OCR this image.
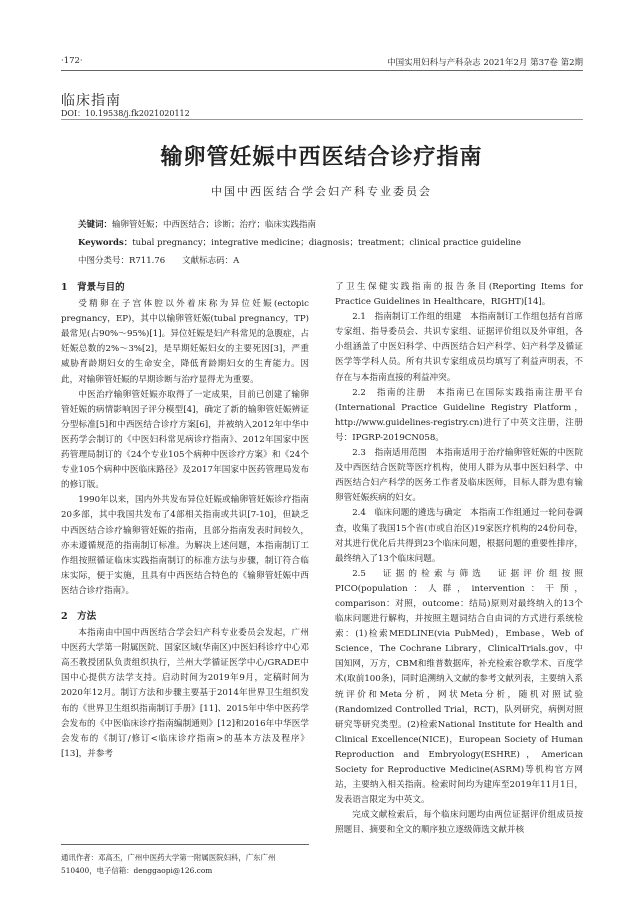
·172·	中国实用妇科与产科杂志 2021年2月 第37卷 第2期
临床指南
DOI：10.19538/j.fk2021020112
输卵管妊娠中西医结合诊疗指南
中国中西医结合学会妇产科专业委员会
关键词：输卵管妊娠；中西医结合；诊断；治疗；临床实践指南
Keywords：tubal pregnancy；integrative medicine；diagnosis；treatment；clinical practice guideline
中图分类号：R711.76　　 文献标志码：A
1　背景与目的

受精卵在子宫体腔以外着床称为异位妊娠(ectopic pregnancy，EP)，其中以输卵管妊娠(tubal pregnancy，TP)最常见(占90%～95%)[1]。异位妊娠是妇产科常见的急腹症，占妊娠总数的2%～3%[2]，是早期妊娠妇女的主要死因[3]，严重威胁育龄期妇女的生命安全，降低育龄期妇女的生育能力。因此，对输卵管妊娠的早期诊断与治疗显得尤为重要。

中医治疗输卵管妊娠亦取得了一定成果，目前已创建了输卵管妊娠的病情影响因子评分模型[4]，确定了新的输卵管妊娠辨证分型标准[5]和中西医结合诊疗方案[6]，并被纳入2012年中华中医药学会制订的《中医妇科常见病诊疗指南》、2012年国家中医药管理局制订的《24个专业105个病种中医诊疗方案》和《24个专业105个病种中医临床路径》及2017年国家中医药管理局发布的修订版。

1990年以来，国内外共发布异位妊娠或输卵管妊娠诊疗指南20多部，其中我国共发布了4部相关指南或共识[7-10]，但缺乏中西医结合诊疗输卵管妊娠的指南，且部分指南发表时间较久，亦未遵循规范的指南制订标准。为解决上述问题，本指南制订工作组按照循证临床实践指南制订的标准方法与步骤，制订符合临床实际，便于实施，且具有中西医结合特色的《输卵管妊娠中西医结合诊疗指南》。

2　方法

本指南由中国中西医结合学会妇产科专业委员会发起，广州中医药大学第一附属医院、国家区域(华南区)中医妇科诊疗中心邓高丕教授团队负责组织执行，兰州大学循证医学中心/GRADE中国中心提供方法学支持。启动时间为2019年9月，定稿时间为2020年12月。制订方法和步骤主要基于2014年世界卫生组织发布的《世界卫生组织指南制订手册》[11]、2015年中华中医药学会发布的《中医临床诊疗指南编制通则》[12]和2016年中华医学会发布的《制订/修订<临床诊疗指南>的基本方法及程序》[13]，并参考

了卫生保健实践指南的报告条目(Reporting Items for Practice Guidelines in Healthcare，RIGHT)[14]。

2.1　指南制订工作组的组建　本指南制订工作组包括有首席专家组、指导委员会、共识专家组、证据评价组以及外审组，各小组涵盖了中医妇科学、中西医结合妇产科学、妇产科学及循证医学等学科人员。所有共识专家组成员均填写了利益声明表，不存在与本指南直接的利益冲突。

2.2　指南的注册　本指南已在国际实践指南注册平台(International Practice Guideline Registry Platform，http://www.guidelines-registry.cn)进行了中英文注册，注册号：IPGRP-2019CN058。

2.3　指南适用范围　本指南适用于治疗输卵管妊娠的中医院及中西医结合医院等医疗机构，使用人群为从事中医妇科学、中西医结合妇产科学的医务工作者及临床医师，目标人群为患有输卵管妊娠疾病的妇女。

2.4　临床问题的遴选与确定　本指南工作组通过一轮问卷调查，收集了我国15个省(市或自治区)19家医疗机构的24份问卷，对其进行优化后共得到23个临床问题，根据问题的重要性排序，最终纳入了13个临床问题。

2.5　证据的检索与筛选　证据评价组按照PICO(population：人群，intervention：干预，comparison：对照，outcome：结局)原则对最终纳入的13个临床问题进行解构，并按照主题词结合自由词的方式进行系统检索：(1)检索MEDLINE(via PubMed)，Embase，Web of Science，The Cochrane Library，ClinicalTrials.gov，中国知网，万方，CBM和维普数据库，补充检索谷歌学术、百度学术(取前100条)，同时追溯纳入文献的参考文献列表，主要纳入系统评价和Meta分析，网状Meta分析，随机对照试验(Randomized Controlled Trial，RCT)，队列研究，病例对照研究等研究类型。(2)检索National Institute for Health and Clinical Excellence(NICE)，European Society of Human Reproduction and Embryology(ESHRE)，American Society for Reproductive Medicine(ASRM)等机构官方网站，主要纳入相关指南。检索时间均为建库至2019年11月1日，发表语言限定为中英文。

完成文献检索后，每个临床问题均由两位证据评价组成员按照题目、摘要和全文的顺序独立逐级筛选文献并核

通讯作者：邓高丕，广州中医药大学第一附属医院妇科，广东广州 510400，电子信箱：denggaopi@126.com
